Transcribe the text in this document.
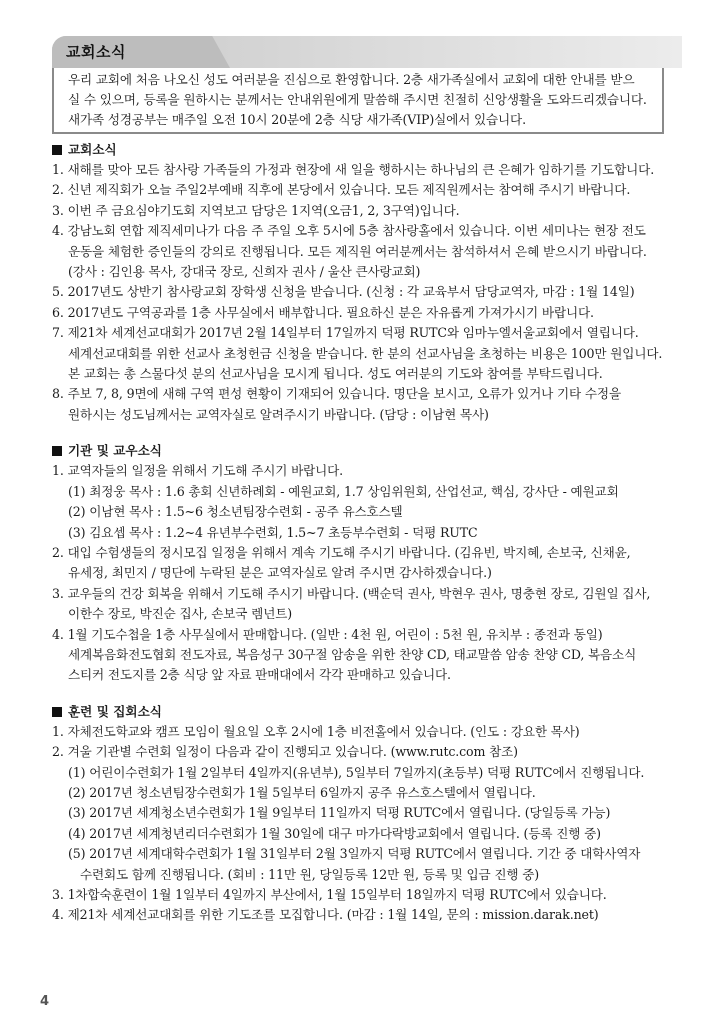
교회소식
우리 교회에 처음 나오신 성도 여러분을 진심으로 환영합니다. 2층 새가족실에서 교회에 대한 안내를 받으
실 수 있으며, 등록을 원하시는 분께서는 안내위원에게 말씀해 주시면 친절히 신앙생활을 도와드리겠습니다.
새가족 성경공부는 매주일 오전 10시 20분에 2층 식당 새가족(VIP)실에서 있습니다.
교회소식
1. 새해를 맞아 모든 참사랑 가족들의 가정과 현장에 새 일을 행하시는 하나님의 큰 은혜가 임하기를 기도합니다.
2. 신년 제직회가 오늘 주일2부예배 직후에 본당에서 있습니다. 모든 제직원께서는 참여해 주시기 바랍니다.
3. 이번 주 금요심야기도회 지역보고 담당은 1지역(오금1, 2, 3구역)입니다.
4. 강남노회 연합 제직세미나가 다음 주 주일 오후 5시에 5층 참사랑홀에서 있습니다. 이번 세미나는 현장 전도
운동을 체험한 증인들의 강의로 진행됩니다. 모든 제직원 여러분께서는 참석하셔서 은혜 받으시기 바랍니다.
(강사 : 김인용 목사, 강대국 장로, 신희자 권사 / 울산 큰사랑교회)
5. 2017년도 상반기 참사랑교회 장학생 신청을 받습니다. (신청 : 각 교육부서 담당교역자, 마감 : 1월 14일)
6. 2017년도 구역공과를 1층 사무실에서 배부합니다. 필요하신 분은 자유롭게 가져가시기 바랍니다.
7. 제21차 세계선교대회가 2017년 2월 14일부터 17일까지 덕평 RUTC와 임마누엘서울교회에서 열립니다.
세계선교대회를 위한 선교사 초청헌금 신청을 받습니다. 한 분의 선교사님을 초청하는 비용은 100만 원입니다.
본 교회는 총 스물다섯 분의 선교사님을 모시게 됩니다. 성도 여러분의 기도와 참여를 부탁드립니다.
8. 주보 7, 8, 9면에 새해 구역 편성 현황이 기재되어 있습니다. 명단을 보시고, 오류가 있거나 기타 수정을
원하시는 성도님께서는 교역자실로 알려주시기 바랍니다. (담당 : 이남현 목사)
기관 및 교우소식
1. 교역자들의 일정을 위해서 기도해 주시기 바랍니다.
(1) 최정웅 목사 : 1.6 총회 신년하례회 - 예원교회, 1.7 상임위원회, 산업선교, 핵심, 강사단 - 예원교회
(2) 이남현 목사 : 1.5~6 청소년팀장수련회 - 공주 유스호스텔
(3) 김요셉 목사 : 1.2~4 유년부수련회, 1.5~7 초등부수련회 - 덕평 RUTC
2. 대입 수험생들의 정시모집 일정을 위해서 계속 기도해 주시기 바랍니다. (김유빈, 박지혜, 손보국, 신채윤,
유세정, 최민지 / 명단에 누락된 분은 교역자실로 알려 주시면 감사하겠습니다.)
3. 교우들의 건강 회복을 위해서 기도해 주시기 바랍니다. (백순덕 권사, 박현우 권사, 명충현 장로, 김원일 집사,
이한수 장로, 박진순 집사, 손보국 렘넌트)
4. 1월 기도수첩을 1층 사무실에서 판매합니다. (일반 : 4천 원, 어린이 : 5천 원, 유치부 : 종전과 동일)
세계복음화전도협회 전도자료, 복음성구 30구절 암송을 위한 찬양 CD, 태교말씀 암송 찬양 CD, 복음소식
스티커 전도지를 2층 식당 앞 자료 판매대에서 각각 판매하고 있습니다.
훈련 및 집회소식
1. 자체전도학교와 캠프 모임이 월요일 오후 2시에 1층 비전홀에서 있습니다. (인도 : 강요한 목사)
2. 겨울 기관별 수련회 일정이 다음과 같이 진행되고 있습니다. (www.rutc.com 참조)
(1) 어린이수련회가 1월 2일부터 4일까지(유년부), 5일부터 7일까지(초등부) 덕평 RUTC에서 진행됩니다.
(2) 2017년 청소년팀장수련회가 1월 5일부터 6일까지 공주 유스호스텔에서 열립니다.
(3) 2017년 세계청소년수련회가 1월 9일부터 11일까지 덕평 RUTC에서 열립니다. (당일등록 가능)
(4) 2017년 세계청년리더수련회가 1월 30일에 대구 마가다락방교회에서 열립니다. (등록 진행 중)
(5) 2017년 세계대학수련회가 1월 31일부터 2월 3일까지 덕평 RUTC에서 열립니다. 기간 중 대학사역자
수련회도 함께 진행됩니다. (회비 : 11만 원, 당일등록 12만 원, 등록 및 입금 진행 중)
3. 1차합숙훈련이 1월 1일부터 4일까지 부산에서, 1월 15일부터 18일까지 덕평 RUTC에서 있습니다.
4. 제21차 세계선교대회를 위한 기도조를 모집합니다. (마감 : 1월 14일, 문의 : mission.darak.net)
4
